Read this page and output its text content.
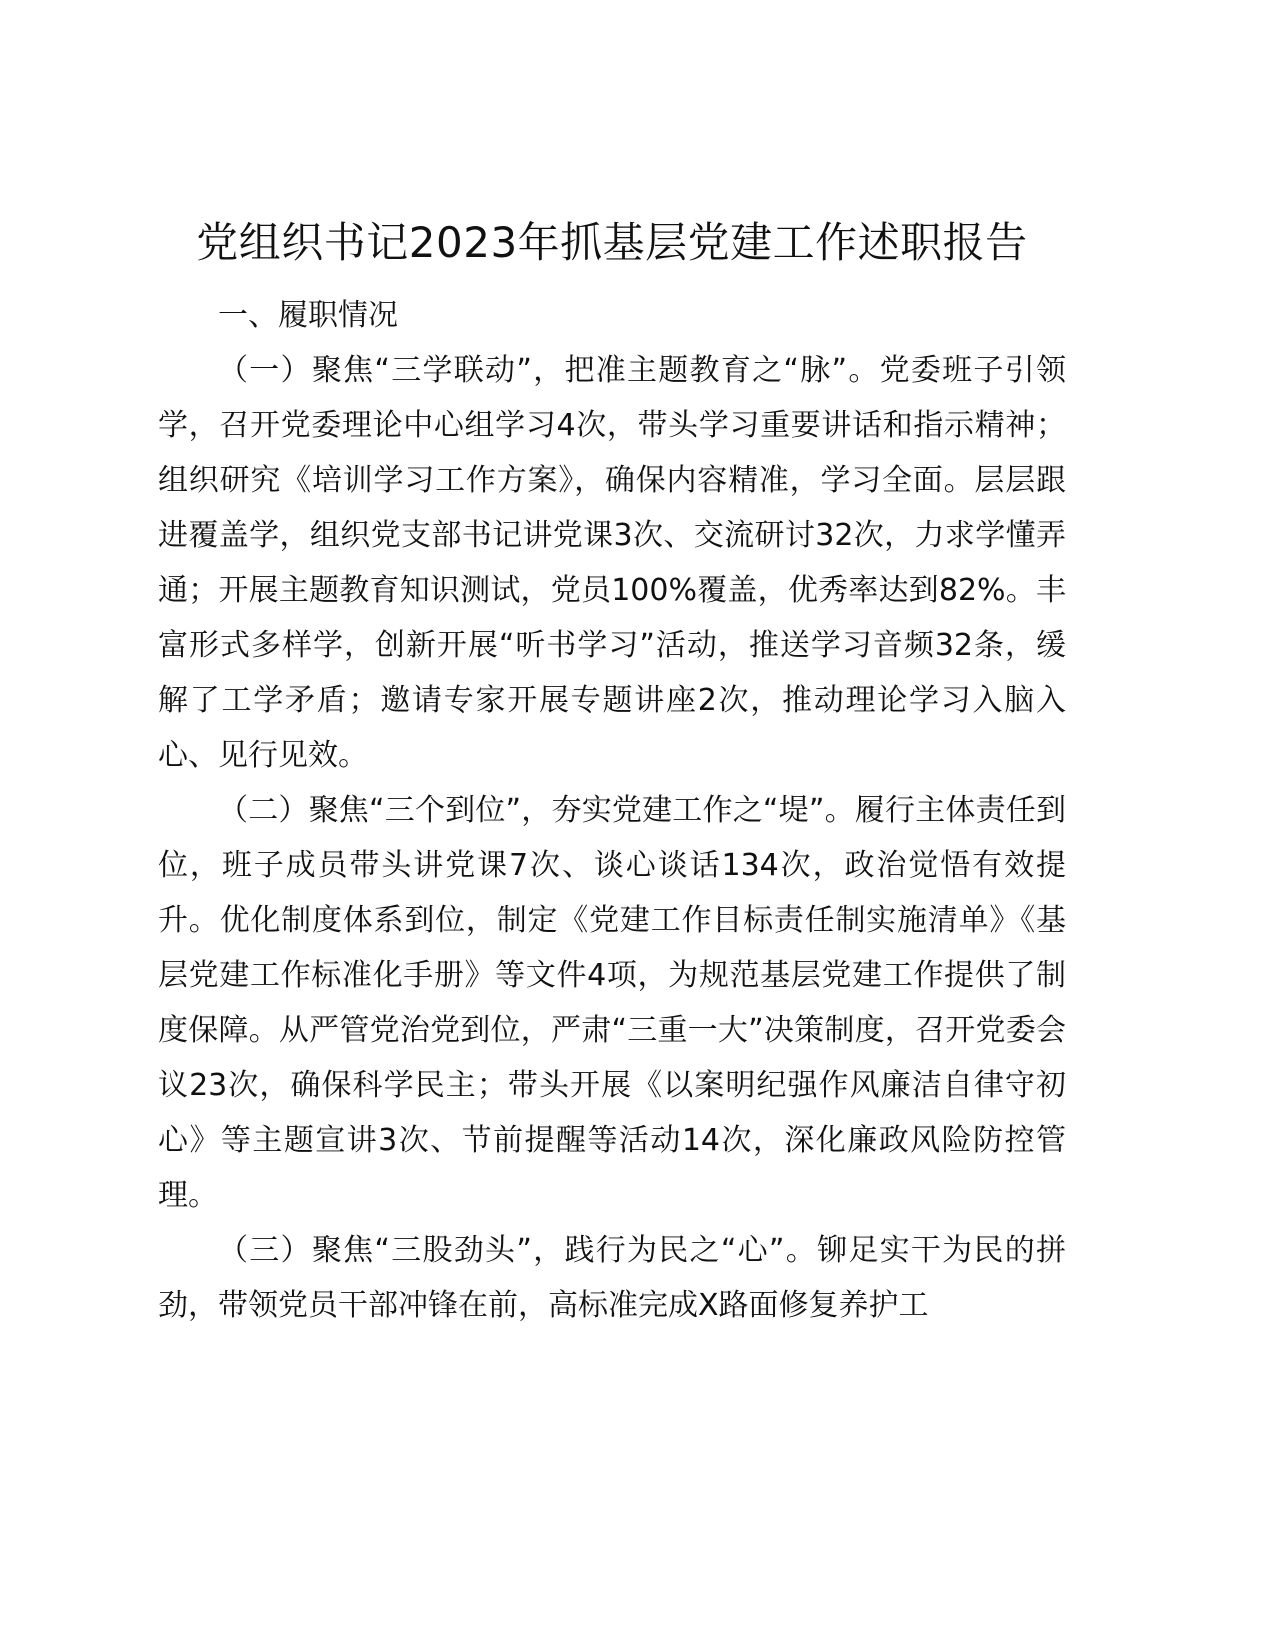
党组织书记2023年抓基层党建工作述职报告

一、履职情况

（一）聚焦“三学联动”，把准主题教育之“脉”。党委班子引领学，召开党委理论中心组学习4次，带头学习重要讲话和指示精神；组织研究《培训学习工作方案》，确保内容精准，学习全面。层层跟进覆盖学，组织党支部书记讲党课3次、交流研讨32次，力求学懂弄通；开展主题教育知识测试，党员100%覆盖，优秀率达到82%。丰富形式多样学，创新开展“听书学习”活动，推送学习音频32条，缓解了工学矛盾；邀请专家开展专题讲座2次，推动理论学习入脑入心、见行见效。

（二）聚焦“三个到位”，夯实党建工作之“堤”。履行主体责任到位，班子成员带头讲党课7次、谈心谈话134次，政治觉悟有效提升。优化制度体系到位，制定《党建工作目标责任制实施清单》《基层党建工作标准化手册》等文件4项，为规范基层党建工作提供了制度保障。从严管党治党到位，严肃“三重一大”决策制度，召开党委会议23次，确保科学民主；带头开展《以案明纪强作风廉洁自律守初心》等主题宣讲3次、节前提醒等活动14次，深化廉政风险防控管理。

（三）聚焦“三股劲头”，践行为民之“心”。铆足实干为民的拼劲，带领党员干部冲锋在前，高标准完成X路面修复养护工
